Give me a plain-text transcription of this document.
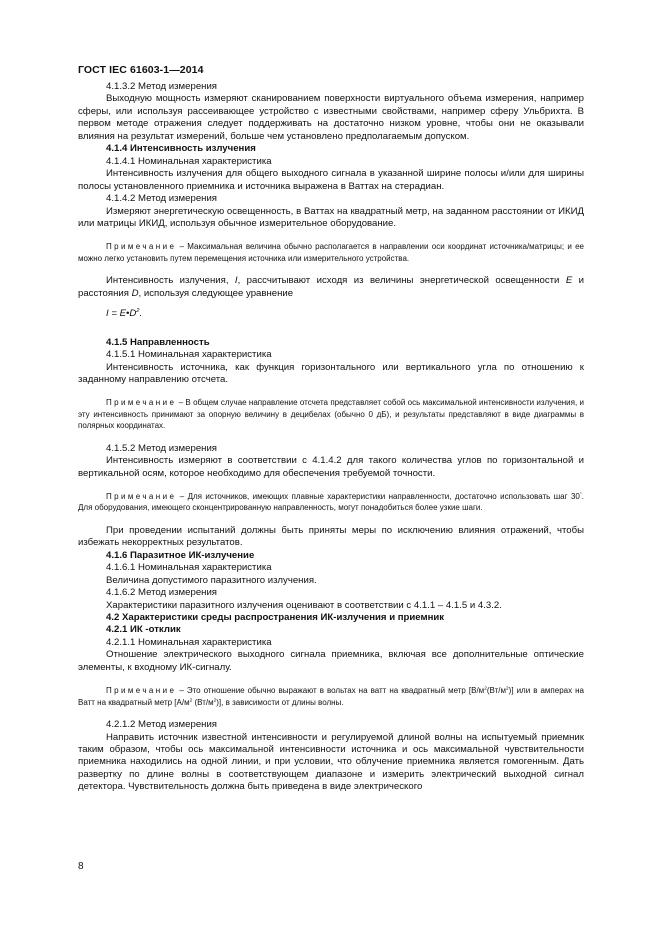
ГОСТ IEC 61603-1—2014

4.1.3.2 Метод измерения

Выходную мощность измеряют сканированием поверхности виртуального объема измерения, например сферы, или используя рассеивающее устройство с известными свойствами, например сферу Ульбрихта. В первом методе отражения следует поддерживать на достаточно низком уровне, чтобы они не оказывали влияния на результат измерений, больше чем установлено предполагаемым допуском.

4.1.4 Интенсивность излучения

4.1.4.1 Номинальная характеристика

Интенсивность излучения для общего выходного сигнала в указанной ширине полосы и/или для ширины полосы установленного приемника и источника выражена в Ваттах на стерадиан.

4.1.4.2 Метод измерения

Измеряют энергетическую освещенность, в Ваттах на квадратный метр, на заданном расстоянии от ИКИД или матрицы ИКИД, используя обычное измерительное оборудование.

Примечание – Максимальная величина обычно располагается в направлении оси координат источника/матрицы; и ее можно легко установить путем перемещения источника или измерительного устройства.

Интенсивность излучения, I, рассчитывают исходя из величины энергетической освещенности E и расстояния D, используя следующее уравнение

$I = E•D^2$.

4.1.5 Направленность

4.1.5.1 Номинальная характеристика

Интенсивность источника, как функция горизонтального или вертикального угла по отношению к заданному направлению отсчета.

Примечание – В общем случае направление отсчета представляет собой ось максимальной интенсивности излучения, и эту интенсивность принимают за опорную величину в децибелах (обычно 0 дБ), и результаты представляют в виде диаграммы в полярных координатах.

4.1.5.2 Метод измерения

Интенсивность измеряют в соответствии с 4.1.4.2 для такого количества углов по горизонтальной и вертикальной осям, которое необходимо для обеспечения требуемой точности.

Примечание – Для источников, имеющих плавные характеристики направленности, достаточно использовать шаг 30°. Для оборудования, имеющего сконцентрированную направленность, могут понадобиться более узкие шаги.

При проведении испытаний должны быть приняты меры по исключению влияния отражений, чтобы избежать некорректных результатов.

4.1.6 Паразитное ИК-излучение

4.1.6.1 Номинальная характеристика

Величина допустимого паразитного излучения.

4.1.6.2 Метод измерения

Характеристики паразитного излучения оценивают в соответствии с 4.1.1 – 4.1.5 и 4.3.2.

4.2 Характеристики среды распространения ИК-излучения и приемник

4.2.1 ИК -отклик

4.2.1.1 Номинальная характеристика

Отношение электрического выходного сигнала приемника, включая все дополнительные оптические элементы, к входному ИК-сигналу.

Примечание – Это отношение обычно выражают в вольтах на ватт на квадратный метр $[В/м^2(Вт/м^2)]$ или в амперах на Ватт на квадратный метр [$А/м^2$ $(Вт/м^2)$], в зависимости от длины волны.

4.2.1.2 Метод измерения

Направить источник известной интенсивности и регулируемой длиной волны на испытуемый приемник таким образом, чтобы ось максимальной интенсивности источника и ось максимальной чувствительности приемника находились на одной линии, и при условии, что облучение приемника является гомогенным. Дать развертку по длине волны в соответствующем диапазоне и измерить электрический выходной сигнал детектора. Чувствительность должна быть приведена в виде электрического

8
